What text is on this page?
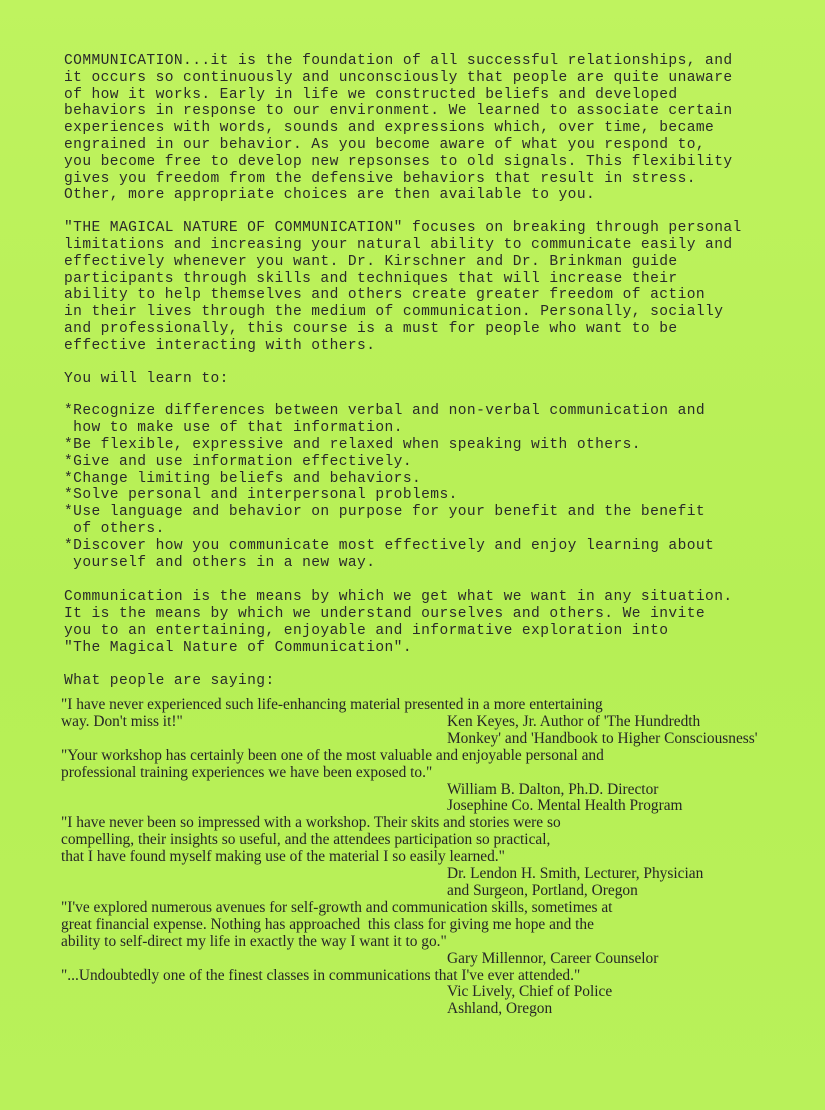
COMMUNICATION...it is the foundation of all successful relationships, and
it occurs so continuously and unconsciously that people are quite unaware
of how it works. Early in life we constructed beliefs and developed
behaviors in response to our environment. We learned to associate certain
experiences with words, sounds and expressions which, over time, became
engrained in our behavior. As you become aware of what you respond to,
you become free to develop new repsonses to old signals. This flexibility
gives you freedom from the defensive behaviors that result in stress.
Other, more appropriate choices are then available to you.

"THE MAGICAL NATURE OF COMMUNICATION" focuses on breaking through personal
limitations and increasing your natural ability to communicate easily and
effectively whenever you want. Dr. Kirschner and Dr. Brinkman guide
participants through skills and techniques that will increase their
ability to help themselves and others create greater freedom of action
in their lives through the medium of communication. Personally, socially
and professionally, this course is a must for people who want to be
effective interacting with others.

You will learn to:

*Recognize differences between verbal and non-verbal communication and
how to make use of that information.
*Be flexible, expressive and relaxed when speaking with others.
*Give and use information effectively.
*Change limiting beliefs and behaviors.
*Solve personal and interpersonal problems.
*Use language and behavior on purpose for your benefit and the benefit
of others.
*Discover how you communicate most effectively and enjoy learning about
yourself and others in a new way.

Communication is the means by which we get what we want in any situation.
It is the means by which we understand ourselves and others. We invite
you to an entertaining, enjoyable and informative exploration into
"The Magical Nature of Communication".

What people are saying:

"I have never experienced such life-enhancing material presented in a more entertaining
way. Don't miss it!"	Ken Keyes, Jr. Author of 'The Hundredth
Monkey' and 'Handbook to Higher Consciousness'
"Your workshop has certainly been one of the most valuable and enjoyable personal and
professional training experiences we have been exposed to."
William B. Dalton, Ph.D. Director
Josephine Co. Mental Health Program
"I have never been so impressed with a workshop. Their skits and stories were so
compelling, their insights so useful, and the attendees participation so practical,
that I have found myself making use of the material I so easily learned."
Dr. Lendon H. Smith, Lecturer, Physician
and Surgeon, Portland, Oregon
"I've explored numerous avenues for self-growth and communication skills, sometimes at
great financial expense. Nothing has approached  this class for giving me hope and the
ability to self-direct my life in exactly the way I want it to go."
Gary Millennor, Career Counselor
"...Undoubtedly one of the finest classes in communications that I've ever attended."
Vic Lively, Chief of Police
Ashland, Oregon
